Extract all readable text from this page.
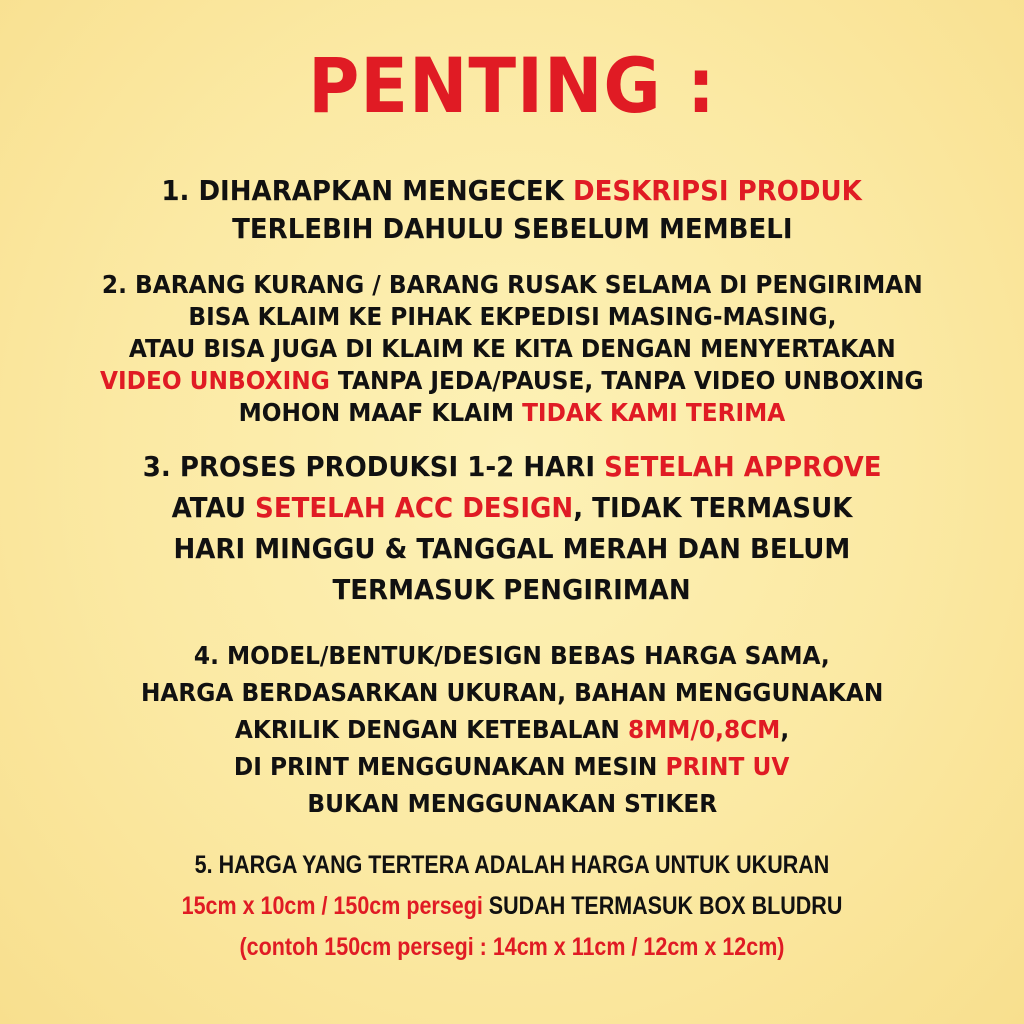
PENTING :
1. DIHARAPKAN MENGECEK DESKRIPSI PRODUK
TERLEBIH DAHULU SEBELUM MEMBELI
2. BARANG KURANG / BARANG RUSAK SELAMA DI PENGIRIMAN
BISA KLAIM KE PIHAK EKPEDISI MASING-MASING,
ATAU BISA JUGA DI KLAIM KE KITA DENGAN MENYERTAKAN
VIDEO UNBOXING TANPA JEDA/PAUSE, TANPA VIDEO UNBOXING
MOHON MAAF KLAIM TIDAK KAMI TERIMA
3. PROSES PRODUKSI 1-2 HARI SETELAH APPROVE
ATAU SETELAH ACC DESIGN, TIDAK TERMASUK
HARI MINGGU & TANGGAL MERAH DAN BELUM
TERMASUK PENGIRIMAN
4. MODEL/BENTUK/DESIGN BEBAS HARGA SAMA,
HARGA BERDASARKAN UKURAN, BAHAN MENGGUNAKAN
AKRILIK DENGAN KETEBALAN 8MM/0,8CM,
DI PRINT MENGGUNAKAN MESIN PRINT UV
BUKAN MENGGUNAKAN STIKER
5. HARGA YANG TERTERA ADALAH HARGA UNTUK UKURAN
15cm x 10cm / 150cm persegi SUDAH TERMASUK BOX BLUDRU
(contoh 150cm persegi : 14cm x 11cm / 12cm x 12cm)
